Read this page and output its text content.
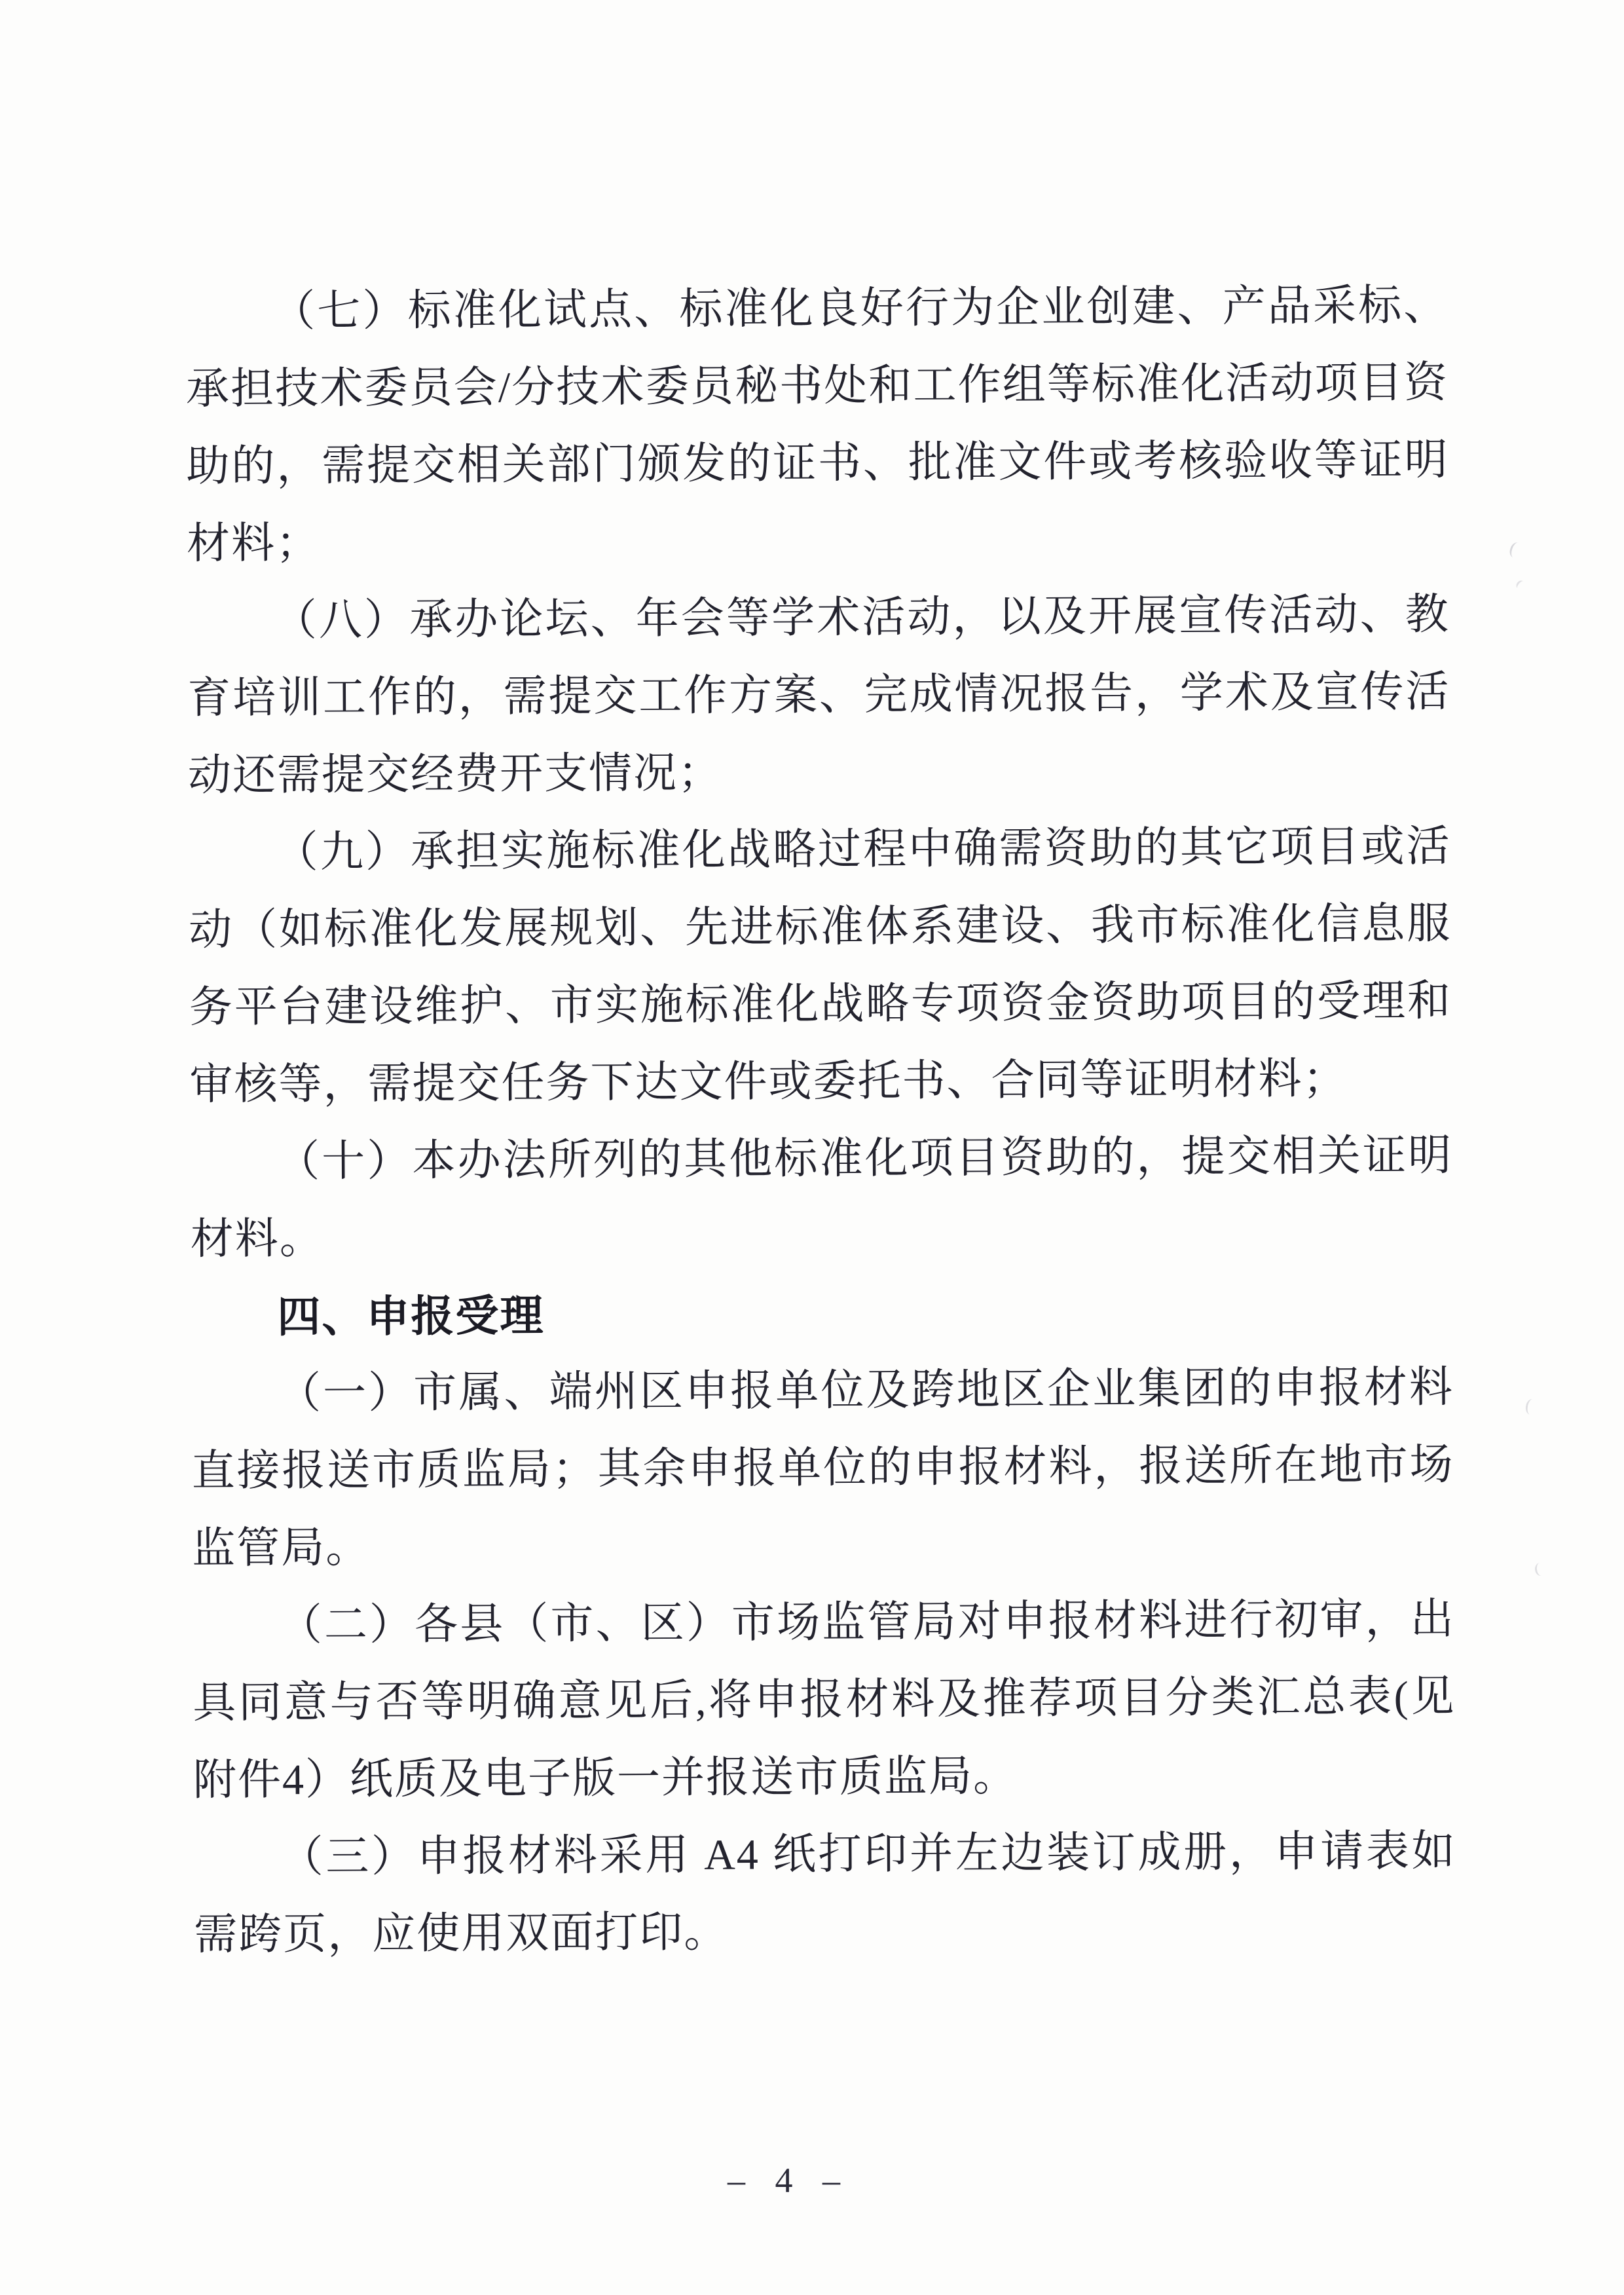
（七）标准化试点、标准化良好行为企业创建、产品采标、承担技术委员会/分技术委员秘书处和工作组等标准化活动项目资助的，需提交相关部门颁发的证书、批准文件或考核验收等证明材料；

（八）承办论坛、年会等学术活动，以及开展宣传活动、教育培训工作的，需提交工作方案、完成情况报告，学术及宣传活动还需提交经费开支情况；

（九）承担实施标准化战略过程中确需资助的其它项目或活动（如标准化发展规划、先进标准体系建设、我市标准化信息服务平台建设维护、市实施标准化战略专项资金资助项目的受理和审核等，需提交任务下达文件或委托书、合同等证明材料；

（十）本办法所列的其他标准化项目资助的，提交相关证明材料。

四、申报受理

（一）市属、端州区申报单位及跨地区企业集团的申报材料直接报送市质监局；其余申报单位的申报材料，报送所在地市场监管局。

（二）各县（市、区）市场监管局对申报材料进行初审，出具同意与否等明确意见后,将申报材料及推荐项目分类汇总表(见附件4）纸质及电子版一并报送市质监局。

（三）申报材料采用 A4 纸打印并左边装订成册，申请表如需跨页，应使用双面打印。

– 4 –
